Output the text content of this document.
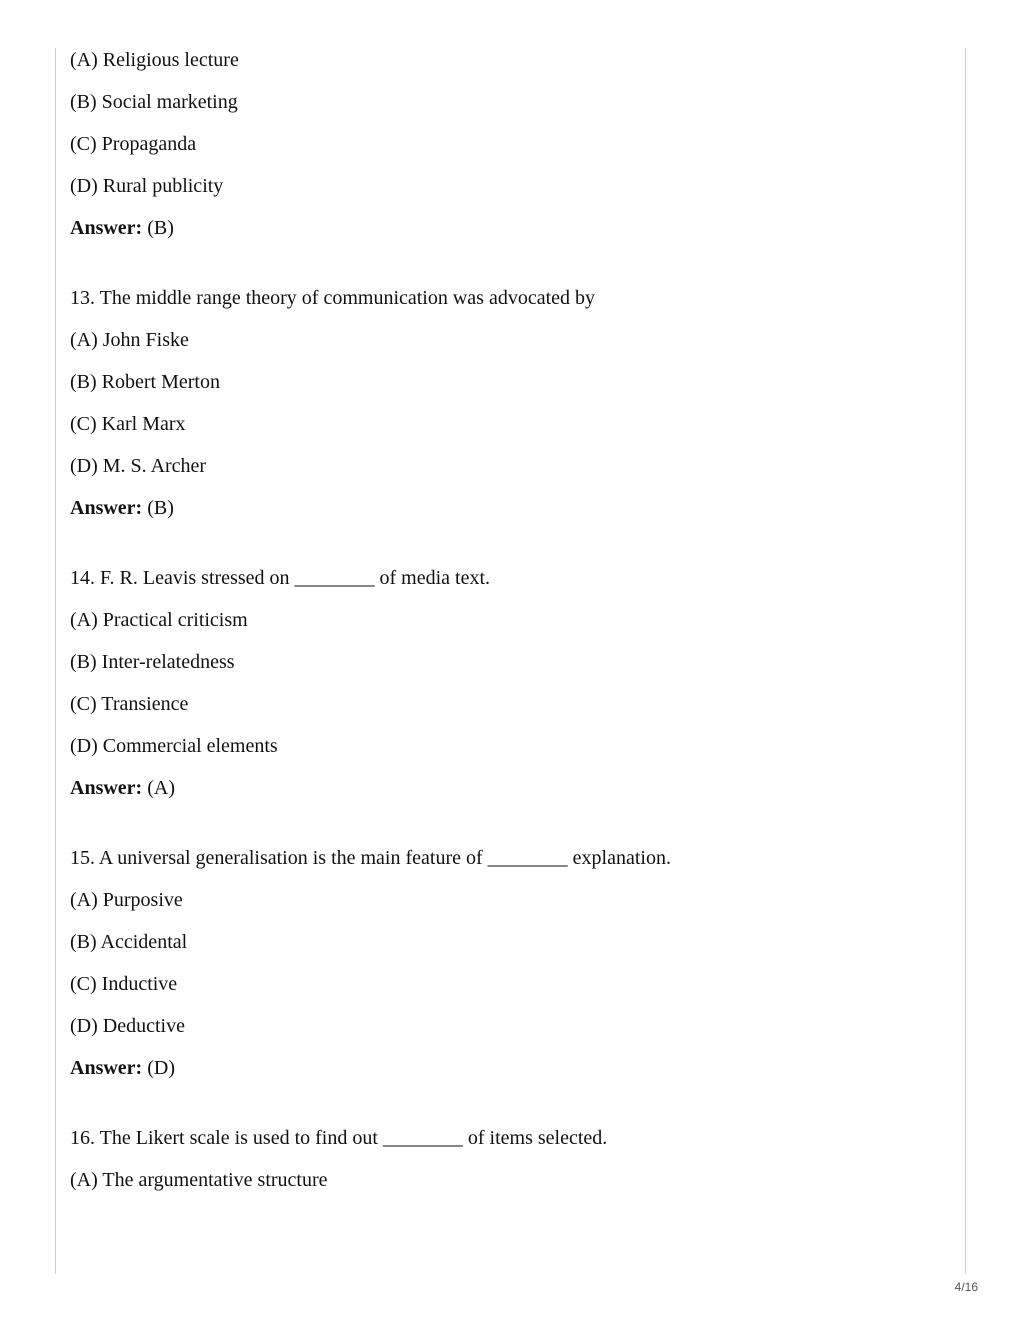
(A) Religious lecture
(B) Social marketing
(C) Propaganda
(D) Rural publicity
Answer: (B)
13. The middle range theory of communication was advocated by
(A) John Fiske
(B) Robert Merton
(C) Karl Marx
(D) M. S. Archer
Answer: (B)
14. F. R. Leavis stressed on ________ of media text.
(A) Practical criticism
(B) Inter-relatedness
(C) Transience
(D) Commercial elements
Answer: (A)
15. A universal generalisation is the main feature of ________ explanation.
(A) Purposive
(B) Accidental
(C) Inductive
(D) Deductive
Answer: (D)
16. The Likert scale is used to find out ________ of items selected.
(A) The argumentative structure
4/16
